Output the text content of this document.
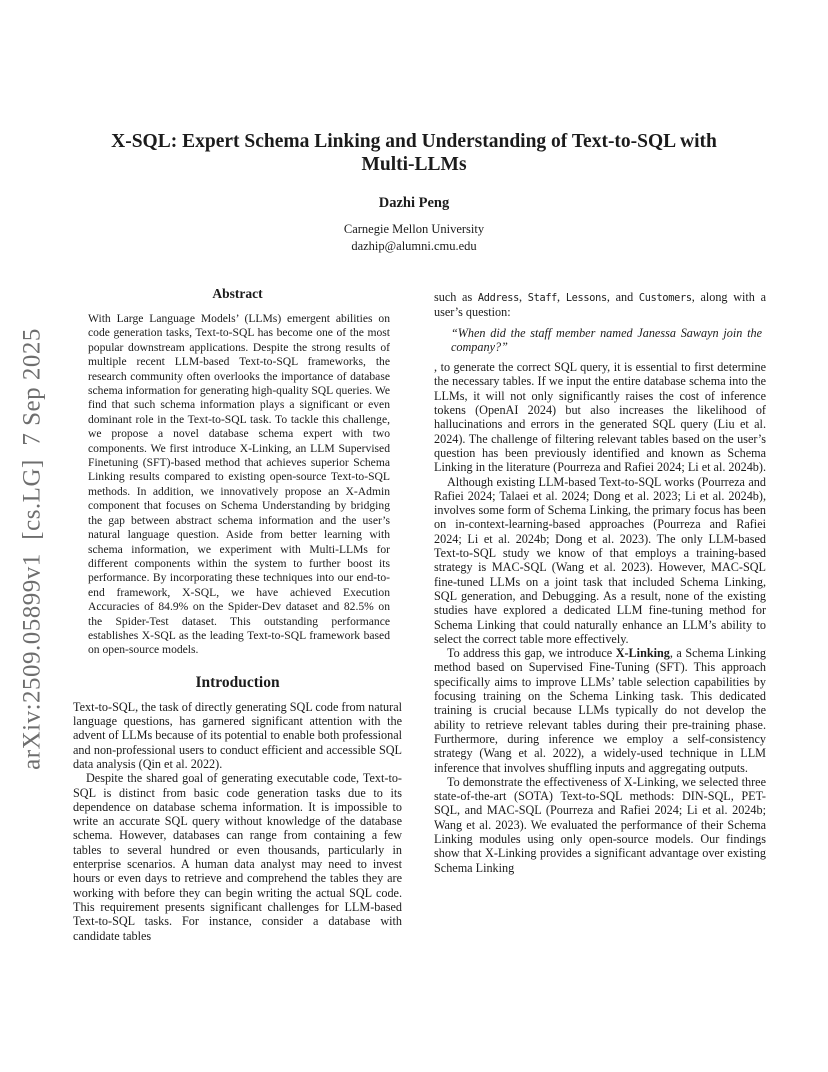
arXiv:2509.05899v1  [cs.LG]  7 Sep 2025
X-SQL: Expert Schema Linking and Understanding of Text-to-SQL with Multi-LLMs
Dazhi Peng
Carnegie Mellon University
dazhip@alumni.cmu.edu
Abstract

With Large Language Models’ (LLMs) emergent abilities on code generation tasks, Text-to-SQL has become one of the most popular downstream applications. Despite the strong results of multiple recent LLM-based Text-to-SQL frameworks, the research community often overlooks the importance of database schema information for generating high-quality SQL queries. We find that such schema information plays a significant or even dominant role in the Text-to-SQL task. To tackle this challenge, we propose a novel database schema expert with two components. We first introduce X-Linking, an LLM Supervised Finetuning (SFT)-based method that achieves superior Schema Linking results compared to existing open-source Text-to-SQL methods. In addition, we innovatively propose an X-Admin component that focuses on Schema Understanding by bridging the gap between abstract schema information and the user’s natural language question. Aside from better learning with schema information, we experiment with Multi-LLMs for different components within the system to further boost its performance. By incorporating these techniques into our end-to-end framework, X-SQL, we have achieved Execution Accuracies of 84.9% on the Spider-Dev dataset and 82.5% on the Spider-Test dataset. This outstanding performance establishes X-SQL as the leading Text-to-SQL framework based on open-source models.

Introduction

Text-to-SQL, the task of directly generating SQL code from natural language questions, has garnered significant attention with the advent of LLMs because of its potential to enable both professional and non-professional users to conduct efficient and accessible SQL data analysis (Qin et al. 2022).

Despite the shared goal of generating executable code, Text-to-SQL is distinct from basic code generation tasks due to its dependence on database schema information. It is impossible to write an accurate SQL query without knowledge of the database schema. However, databases can range from containing a few tables to several hundred or even thousands, particularly in enterprise scenarios. A human data analyst may need to invest hours or even days to retrieve and comprehend the tables they are working with before they can begin writing the actual SQL code. This requirement presents significant challenges for LLM-based Text-to-SQL tasks. For instance, consider a database with candidate tables

such as Address, Staff, Lessons, and Customers, along with a user’s question:

“When did the staff member named Janessa Sawayn join the company?”

, to generate the correct SQL query, it is essential to first determine the necessary tables. If we input the entire database schema into the LLMs, it will not only significantly raises the cost of inference tokens (OpenAI 2024) but also increases the likelihood of hallucinations and errors in the generated SQL query (Liu et al. 2024). The challenge of filtering relevant tables based on the user’s question has been previously identified and known as Schema Linking in the literature (Pourreza and Rafiei 2024; Li et al. 2024b).

Although existing LLM-based Text-to-SQL works (Pourreza and Rafiei 2024; Talaei et al. 2024; Dong et al. 2023; Li et al. 2024b), involves some form of Schema Linking, the primary focus has been on in-context-learning-based approaches (Pourreza and Rafiei 2024; Li et al. 2024b; Dong et al. 2023). The only LLM-based Text-to-SQL study we know of that employs a training-based strategy is MAC-SQL (Wang et al. 2023). However, MAC-SQL fine-tuned LLMs on a joint task that included Schema Linking, SQL generation, and Debugging. As a result, none of the existing studies have explored a dedicated LLM fine-tuning method for Schema Linking that could naturally enhance an LLM’s ability to select the correct table more effectively.

To address this gap, we introduce X-Linking, a Schema Linking method based on Supervised Fine-Tuning (SFT). This approach specifically aims to improve LLMs’ table selection capabilities by focusing training on the Schema Linking task. This dedicated training is crucial because LLMs typically do not develop the ability to retrieve relevant tables during their pre-training phase. Furthermore, during inference we employ a self-consistency strategy (Wang et al. 2022), a widely-used technique in LLM inference that involves shuffling inputs and aggregating outputs.

To demonstrate the effectiveness of X-Linking, we selected three state-of-the-art (SOTA) Text-to-SQL methods: DIN-SQL, PET-SQL, and MAC-SQL (Pourreza and Rafiei 2024; Li et al. 2024b; Wang et al. 2023). We evaluated the performance of their Schema Linking modules using only open-source models. Our findings show that X-Linking provides a significant advantage over existing Schema Linking
